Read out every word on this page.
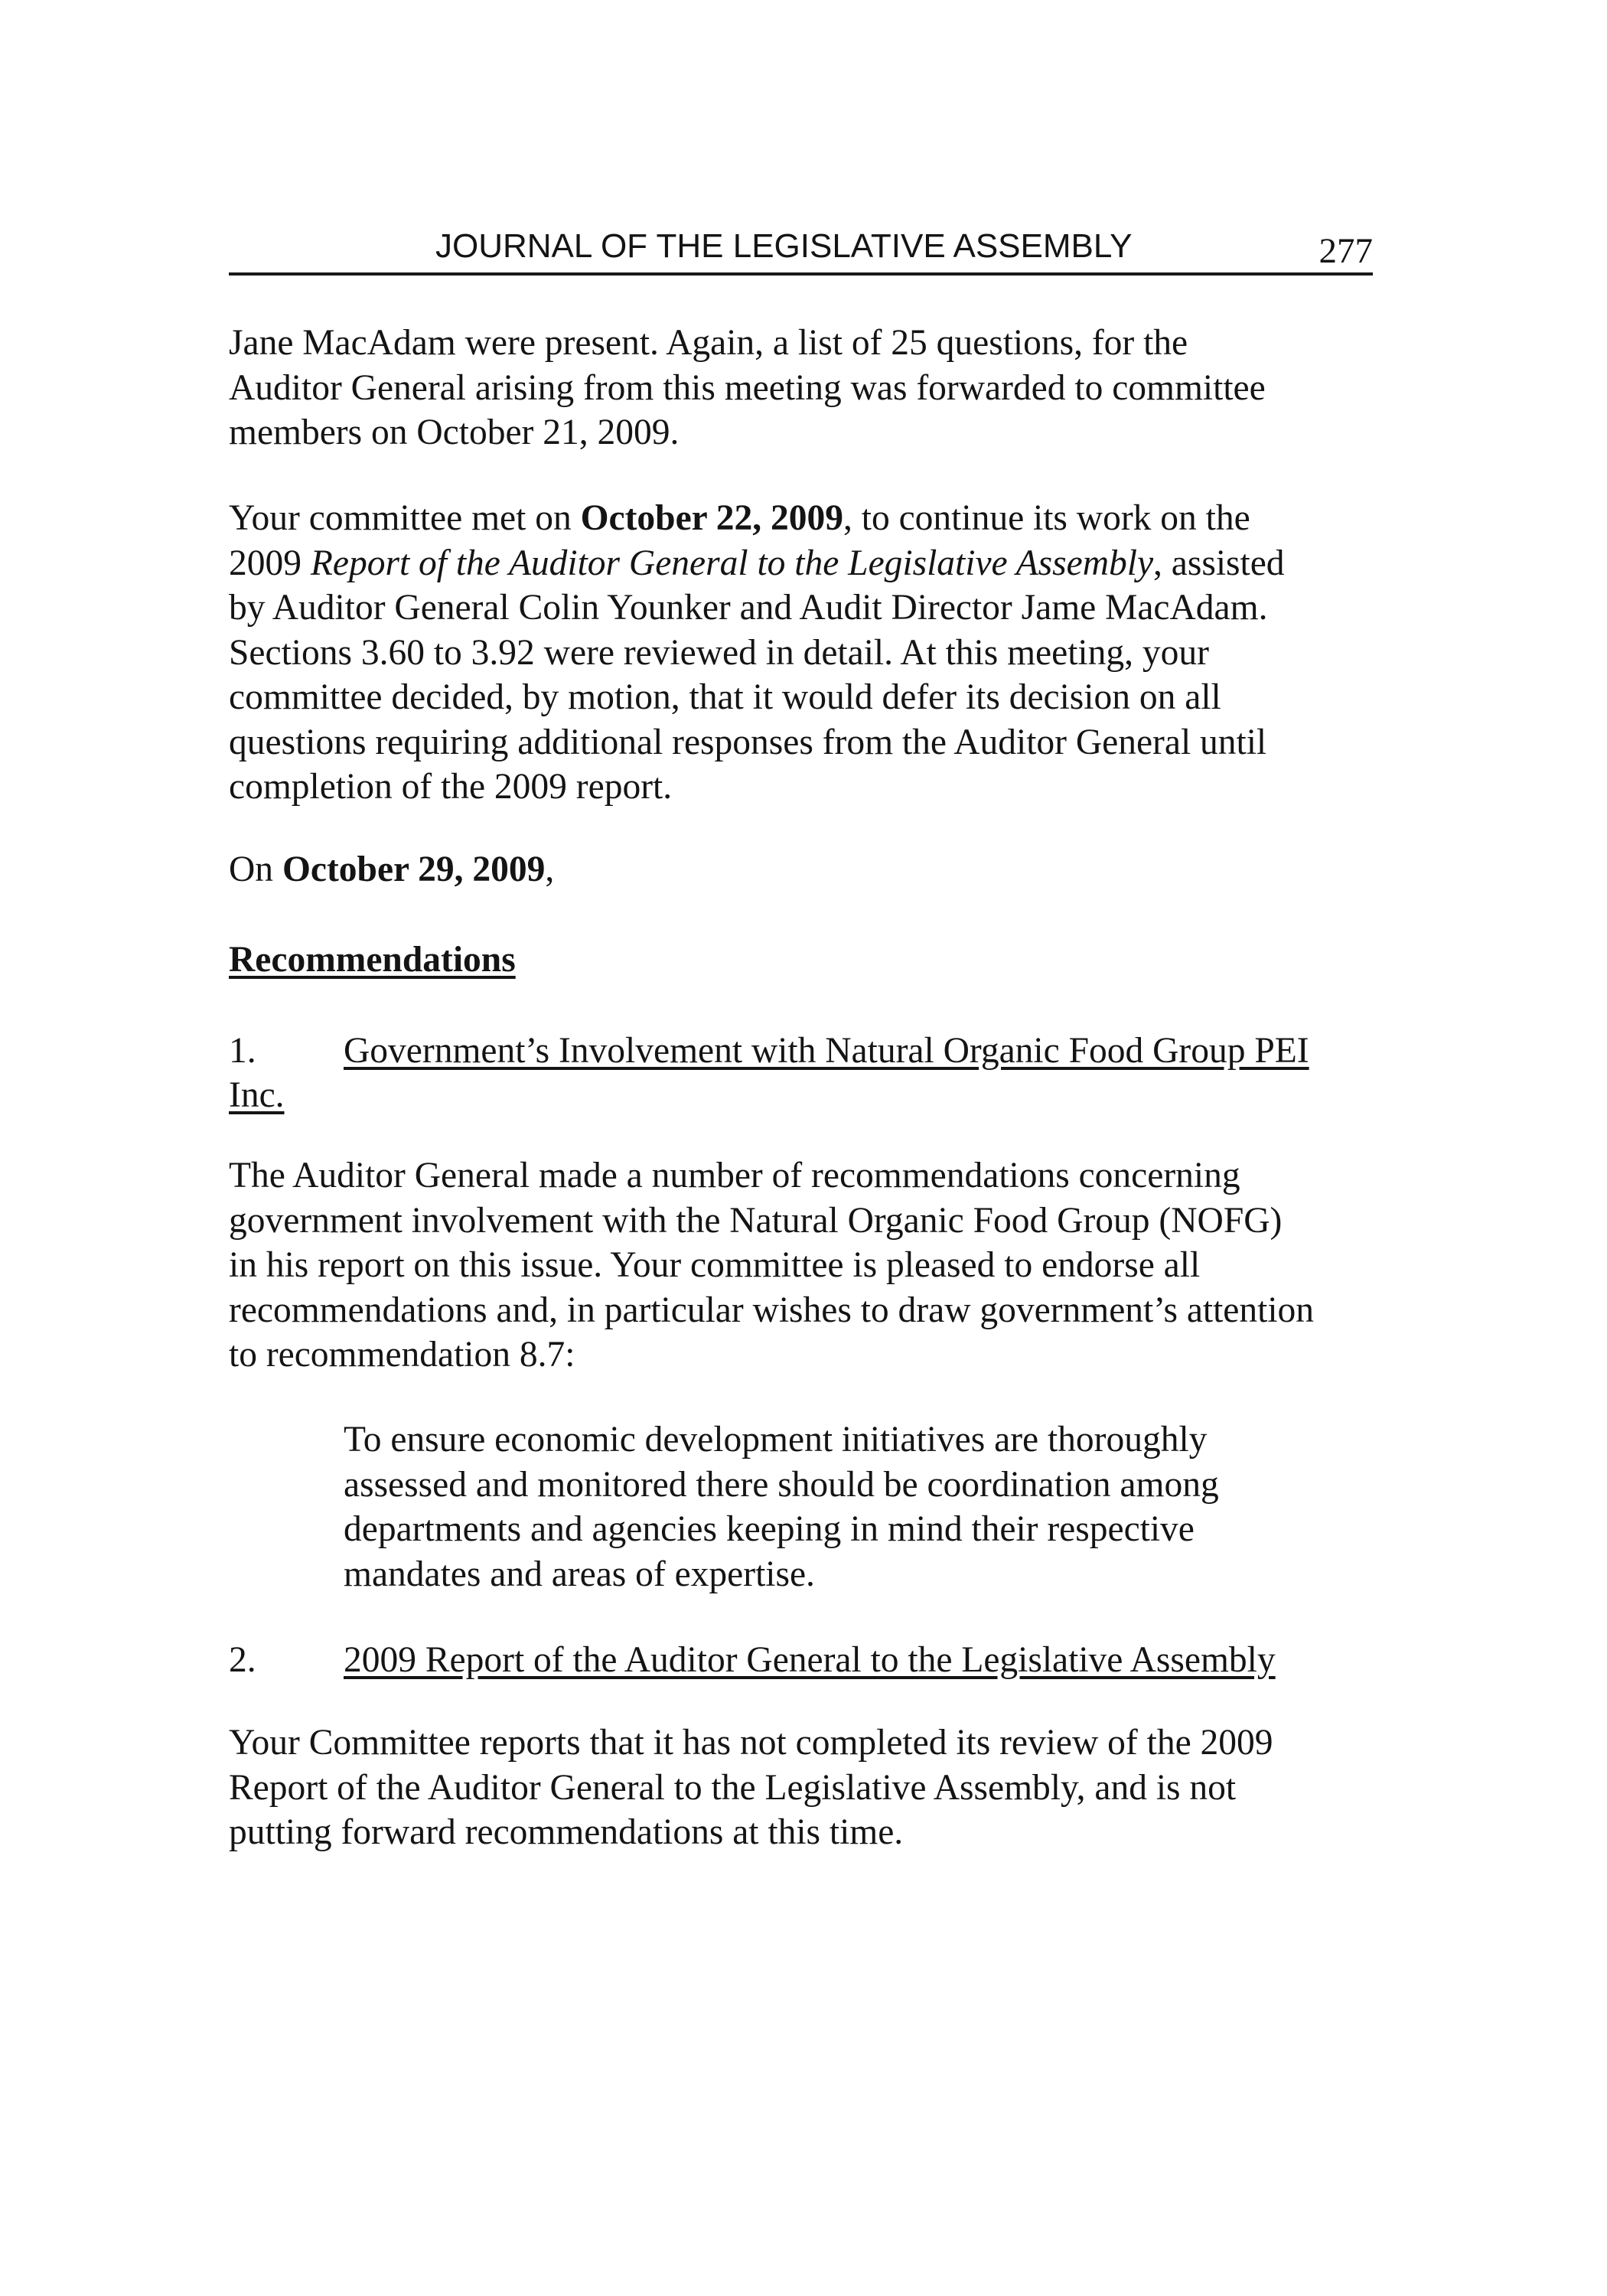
JOURNAL OF THE LEGISLATIVE ASSEMBLY	277

Jane MacAdam were present. Again, a list of 25 questions, for the
Auditor General arising from this meeting was forwarded to committee
members on October 21, 2009.

Your committee met on October 22, 2009, to continue its work on the
2009 Report of the Auditor General to the Legislative Assembly, assisted
by Auditor General Colin Younker and Audit Director Jame MacAdam.
Sections 3.60 to 3.92 were reviewed in detail. At this meeting, your
committee decided, by motion, that it would defer its decision on all
questions requiring additional responses from the Auditor General until
completion of the 2009 report.

On October 29, 2009,

Recommendations

1. Government’s Involvement with Natural Organic Food Group PEI
Inc.

The Auditor General made a number of recommendations concerning
government involvement with the Natural Organic Food Group (NOFG)
in his report on this issue. Your committee is pleased to endorse all
recommendations and, in particular wishes to draw government’s attention
to recommendation 8.7:

To ensure economic development initiatives are thoroughly
assessed and monitored there should be coordination among
departments and agencies keeping in mind their respective
mandates and areas of expertise.

2. 2009 Report of the Auditor General to the Legislative Assembly

Your Committee reports that it has not completed its review of the 2009
Report of the Auditor General to the Legislative Assembly, and is not
putting forward recommendations at this time.
